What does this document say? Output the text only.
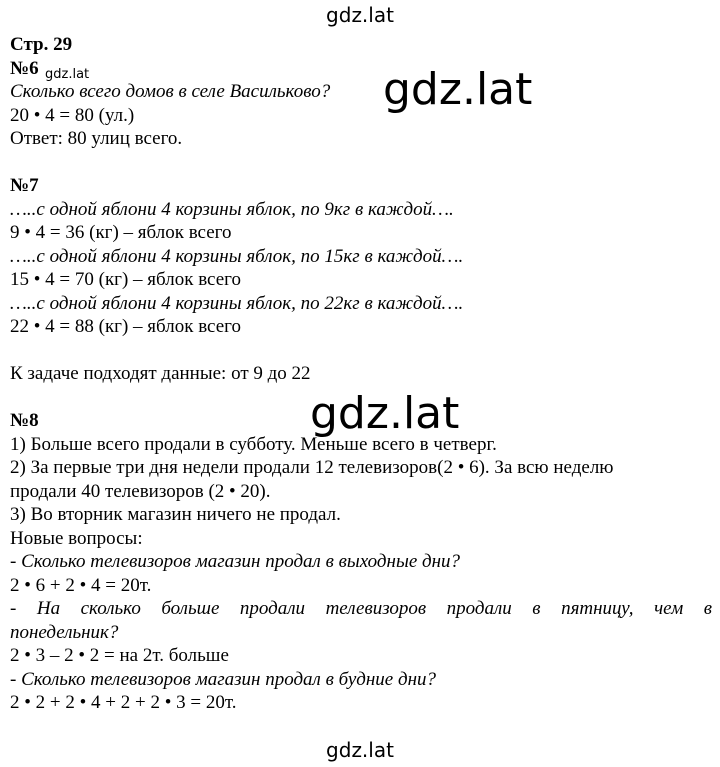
gdz.lat
Стр. 29
№6
Сколько всего домов в селе Васильково?
20 • 4 = 80 (ул.)
Ответ: 80 улиц всего.
№7
…..с одной яблони 4 корзины яблок, по 9кг в каждой….
9 • 4 = 36 (кг) – яблок всего
…..с одной яблони 4 корзины яблок, по 15кг в каждой….
15 • 4 = 70 (кг) – яблок всего
…..с одной яблони 4 корзины яблок, по 22кг в каждой….
22 • 4 = 88 (кг) – яблок всего
К задаче подходят данные: от 9 до 22
№8
1) Больше всего продали в субботу. Меньше всего в четверг.
2) За первые три дня недели продали 12 телевизоров(2 • 6). За всю неделю
продали 40 телевизоров (2 • 20).
3) Во вторник магазин ничего не продал.
Новые вопросы:
- Сколько телевизоров магазин продал в выходные дни?
2 • 6 + 2 • 4 = 20т.
- На сколько больше продали телевизоров продали в пятницу, чем в
понедельник?
2 • 3 – 2 • 2 = на 2т. больше
- Сколько телевизоров магазин продал в будние дни?
2 • 2 + 2 • 4 + 2 + 2 • 3 = 20т.
gdz.lat	gdz.lat
gdz.lat
gdz.lat
